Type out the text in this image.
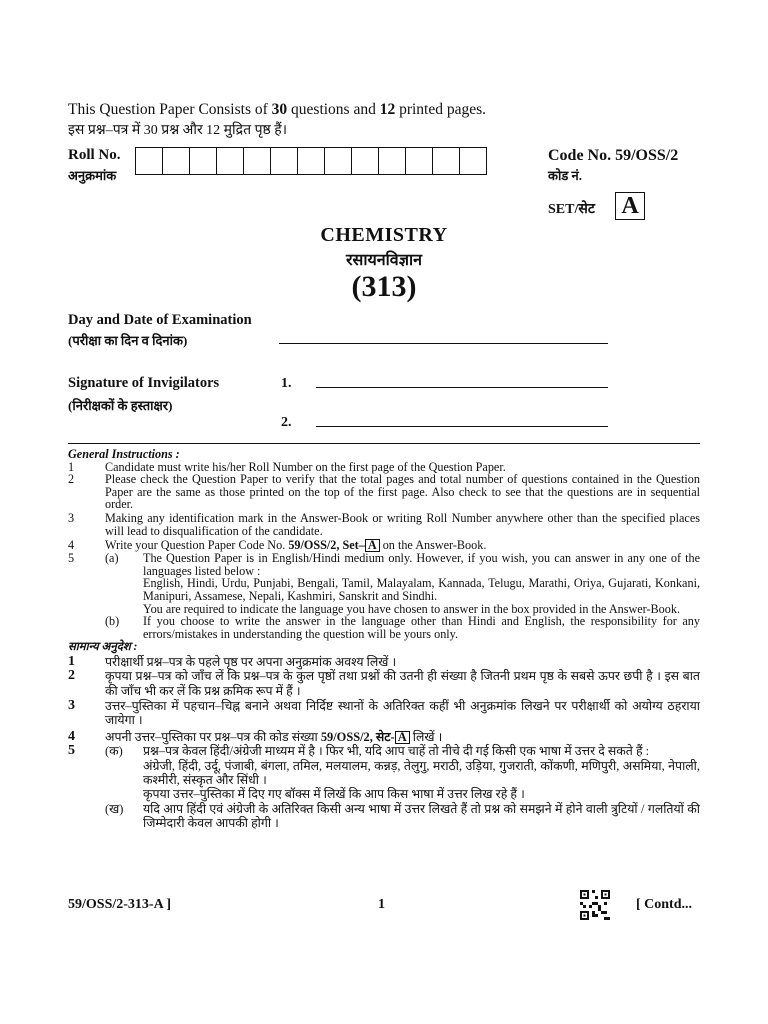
This Question Paper Consists of 30 questions and 12 printed pages.
इस प्रश्न–पत्र में 30 प्रश्न और 12 मुद्रित पृष्ठ हैं।
Roll No.
अनुक्रमांक
Code No. 59/OSS/2
कोड नं.
SET/सेट A
CHEMISTRY
रसायनविज्ञान
(313)
Day and Date of Examination
(परीक्षा का दिन व दिनांक)
Signature of Invigilators
(निरीक्षकों के हस्ताक्षर)
1.
2.
General Instructions :
1	Candidate must write his/her Roll Number on the first page of the Question Paper.
2	Please check the Question Paper to verify that the total pages and total number of questions contained in the Question Paper are the same as those printed on the top of the first page. Also check to see that the questions are in sequential order.
3	Making any identification mark in the Answer-Book or writing Roll Number anywhere other than the specified places will lead to disqualification of the candidate.
4	Write your Question Paper Code No. 59/OSS/2, Set– A on the Answer-Book.
5	(a)	The Question Paper is in English/Hindi medium only. However, if you wish, you can answer in any one of the languages listed below :
English, Hindi, Urdu, Punjabi, Bengali, Tamil, Malayalam, Kannada, Telugu, Marathi, Oriya, Gujarati, Konkani, Manipuri, Assamese, Nepali, Kashmiri, Sanskrit and Sindhi.
You are required to indicate the language you have chosen to answer in the box provided in the Answer-Book.
(b)	If you choose to write the answer in the language other than Hindi and English, the responsibility for any errors/mistakes in understanding the question will be yours only.
सामान्य अनुदेश :
1	परीक्षार्थी प्रश्न–पत्र के पहले पृष्ठ पर अपना अनुक्रमांक अवश्य लिखें ।
2	कृपया प्रश्न–पत्र को जाँच लें कि प्रश्न–पत्र के कुल पृष्ठों तथा प्रश्नों की उतनी ही संख्या है जितनी प्रथम पृष्ठ के सबसे ऊपर छपी है । इस बात की जाँच भी कर लें कि प्रश्न क्रमिक रूप में हैं ।
3	उत्तर–पुस्तिका में पहचान–चिह्न बनाने अथवा निर्दिष्ट स्थानों के अतिरिक्त कहीं भी अनुक्रमांक लिखने पर परीक्षार्थी को अयोग्य ठहराया जायेगा ।
4	अपनी उत्तर–पुस्तिका पर प्रश्न–पत्र की कोड संख्या 59/OSS/2, सेट- A लिखें ।
5	(क)	प्रश्न–पत्र केवल हिंदी/अंग्रेजी माध्यम में है । फिर भी, यदि आप चाहें तो नीचे दी गई किसी एक भाषा में उत्तर दे सकते हैं :
अंग्रेजी, हिंदी, उर्दू, पंजाबी, बंगला, तमिल, मलयालम, कन्नड़, तेलुगु, मराठी, उड़िया, गुजराती, कोंकणी, मणिपुरी, असमिया, नेपाली, कश्मीरी, संस्कृत और सिंधी ।
कृपया उत्तर–पुस्तिका में दिए गए बॉक्स में लिखें कि आप किस भाषा में उत्तर लिख रहे हैं ।
(ख)	यदि आप हिंदी एवं अंग्रेजी के अतिरिक्त किसी अन्य भाषा में उत्तर लिखते हैं तो प्रश्न को समझने में होने वाली त्रुटियों / गलतियों की जिम्मेदारी केवल आपकी होगी ।
59/OSS/2-313-A ]	1	[ Contd...
